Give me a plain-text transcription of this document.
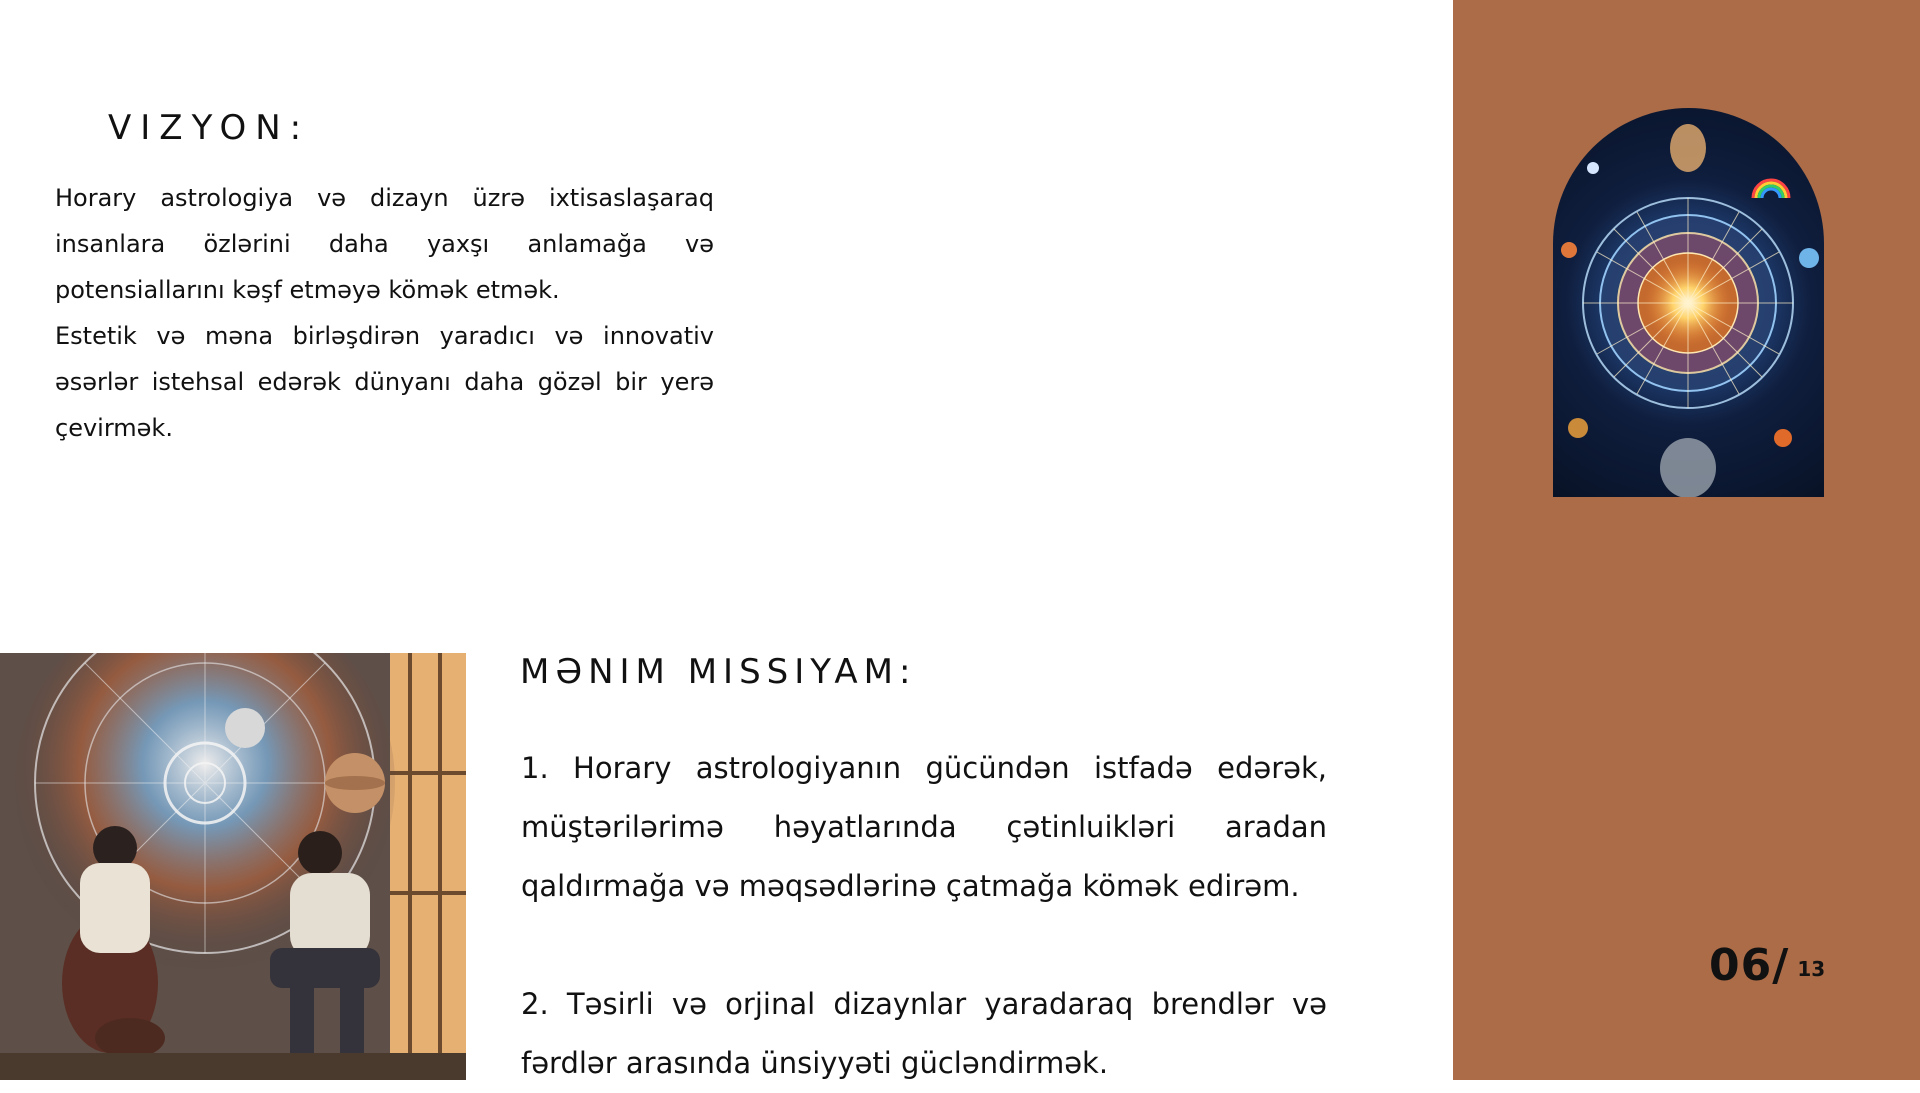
06/ 13
VIZYON:

Horary astrologiya və dizayn üzrə ixtisaslaşaraq insanlara özlərini daha yaxşı anlamağa və potensiallarını kəşf etməyə kömək etmək.

Estetik və məna birləşdirən yaradıcı və innovativ əsərlər istehsal edərək dünyanı daha gözəl bir yerə çevirmək.

MƏNIM MISSIYAM:

1. Horary astrologiyanın gücündən istfadə edərək, müştərilərimə həyatlarında çətinluikləri aradan qaldırmağa və məqsədlərinə çatmağa kömək edirəm.

2. Təsirli və orjinal dizaynlar yaradaraq brendlər və fərdlər arasında ünsiyyəti gücləndirmək.
